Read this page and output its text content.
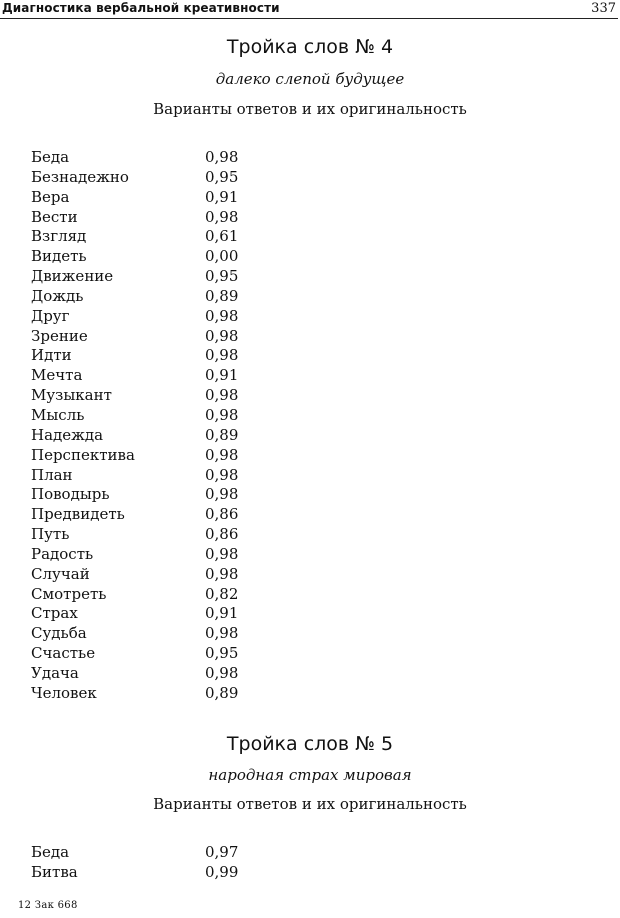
Диагностика вербальной креативности	337
Тройка слов № 4
далеко слепой будущее
Варианты ответов и их оригинальность
Беда	0,98
Безнадежно	0,95
Вера	0,91
Вести	0,98
Взгляд	0,61
Видеть	0,00
Движение	0,95
Дождь	0,89
Друг	0,98
Зрение	0,98
Идти	0,98
Мечта	0,91
Музыкант	0,98
Мысль	0,98
Надежда	0,89
Перспектива	0,98
План	0,98
Поводырь	0,98
Предвидеть	0,86
Путь	0,86
Радость	0,98
Случай	0,98
Смотреть	0,82
Страх	0,91
Судьба	0,98
Счастье	0,95
Удача	0,98
Человек	0,89
Тройка слов № 5
народная страх мировая
Варианты ответов и их оригинальность
Беда	0,97
Битва	0,99
12 Зак 668
